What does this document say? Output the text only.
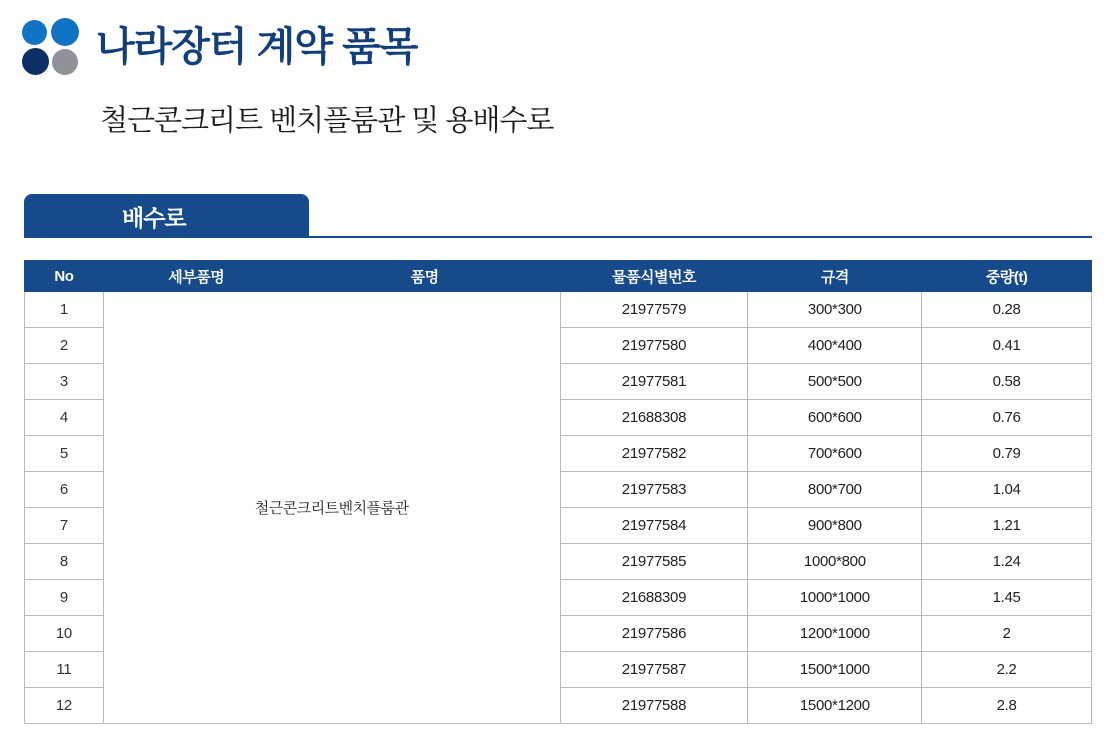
나라장터 계약 품목
철근콘크리트 벤치플룸관 및 용배수로
배수로
No	세부품명	품명	물품식별번호	규격	중량(t)
1	철근콘크리트벤치플룸관		21977579	300*300	0.28
2			21977580	400*400	0.41
3			21977581	500*500	0.58
4			21688308	600*600	0.76
5			21977582	700*600	0.79
6			21977583	800*700	1.04
7			21977584	900*800	1.21
8			21977585	1000*800	1.24
9			21688309	1000*1000	1.45
10			21977586	1200*1000	2
11			21977587	1500*1000	2.2
12			21977588	1500*1200	2.8
